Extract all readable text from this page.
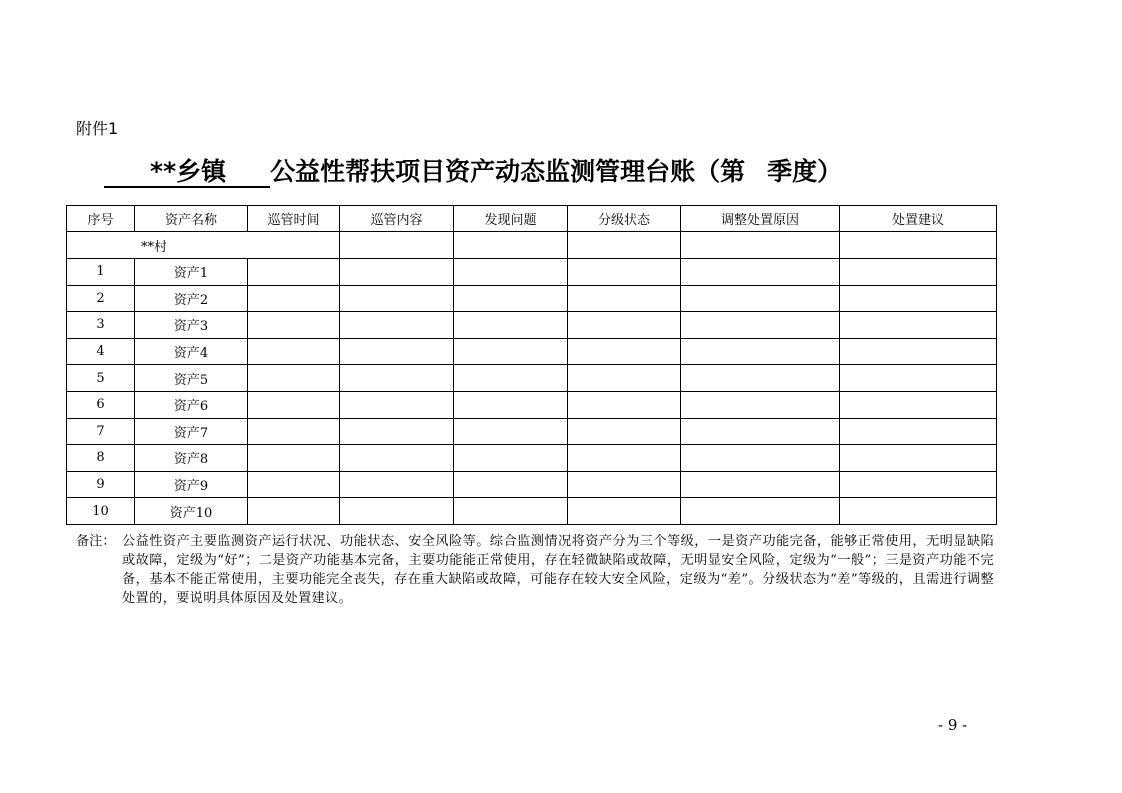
附件1
**乡镇 公益性帮扶项目资产动态监测管理台账（第 季度）
序号	资产名称	巡管时间	巡管内容	发现问题	分级状态	调整处置原因	处置建议
**村							
1	资产1						
2	资产2						
3	资产3						
4	资产4						
5	资产5						
6	资产6						
7	资产7						
8	资产8						
9	资产9						
10	资产10						
备注： 公益性资产主要监测资产运行状况、功能状态、安全风险等。综合监测情况将资产分为三个等级，一是资产功能完备，能够正常使用，无明显缺陷或故障，定级为“好”；二是资产功能基本完备，主要功能能正常使用，存在轻微缺陷或故障，无明显安全风险，定级为“一般”；三是资产功能不完备，基本不能正常使用，主要功能完全丧失，存在重大缺陷或故障，可能存在较大安全风险，定级为“差”。分级状态为“差”等级的，且需进行调整处置的，要说明具体原因及处置建议。
- 9 -
